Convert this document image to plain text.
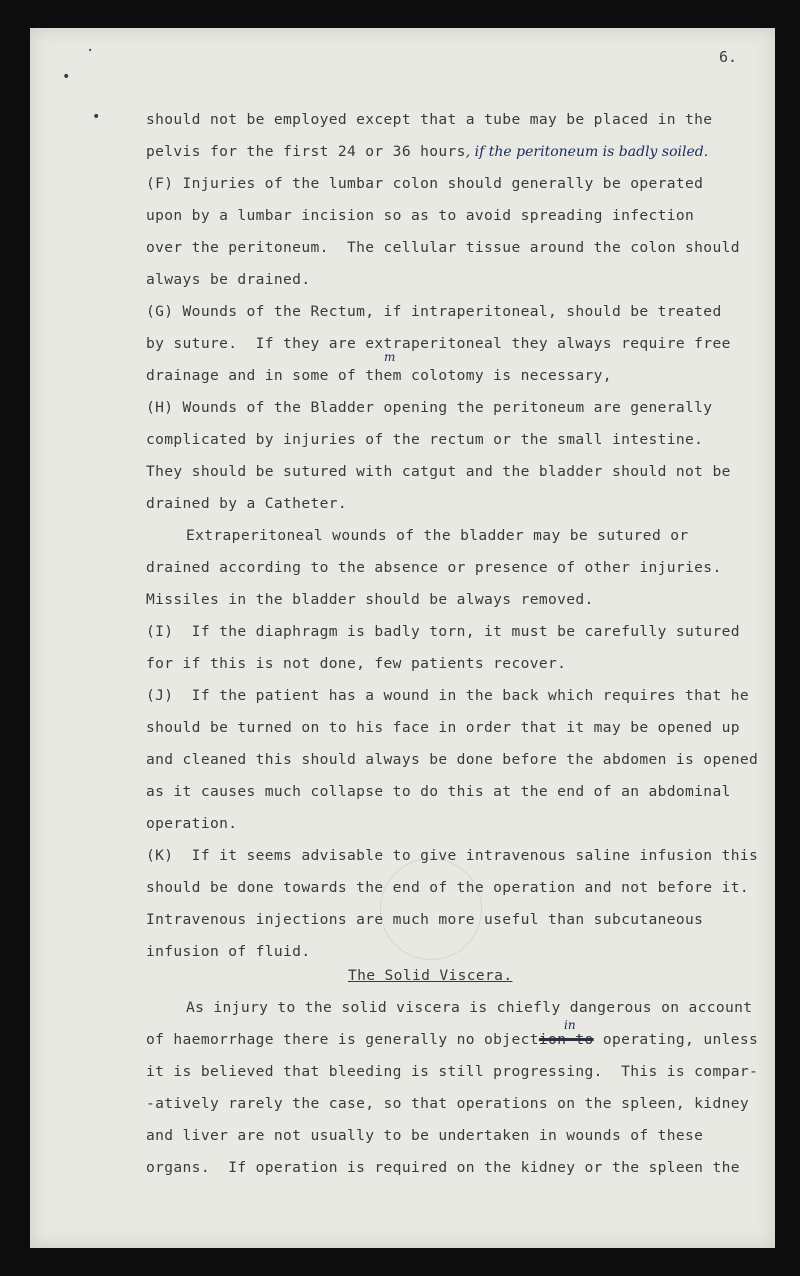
.
•
•
6.
should not be employed except that a tube may be placed in the
pelvis for the first 24 or 36 hours, if the peritoneum is badly soiled.
(F) Injuries of the lumbar colon should generally be operated
upon by a lumbar incision so as to avoid spreading infection
over the peritoneum.  The cellular tissue around the colon should
always be drained.
(G) Wounds of the Rectum, if intraperitoneal, should be treated
by suture.  If they are extraperitoneal they always require free
m
drainage and in some of them colotomy is necessary,
(H) Wounds of the Bladder opening the peritoneum are generally
complicated by injuries of the rectum or the small intestine.
They should be sutured with catgut and the bladder should not be
drained by a Catheter.
Extraperitoneal wounds of the bladder may be sutured or
drained according to the absence or presence of other injuries.
Missiles in the bladder should be always removed.
(I)  If the diaphragm is badly torn, it must be carefully sutured
for if this is not done, few patients recover.
(J)  If the patient has a wound in the back which requires that he
should be turned on to his face in order that it may be opened up
and cleaned this should always be done before the abdomen is opened
as it causes much collapse to do this at the end of an abdominal
operation.
(K)  If it seems advisable to give intravenous saline infusion this
should be done towards the end of the operation and not before it.
Intravenous injections are much more useful than subcutaneous
infusion of fluid.
The Solid Viscera.
As injury to the solid viscera is chiefly dangerous on account
in
of haemorrhage there is generally no objection to operating, unless
it is believed that bleeding is still progressing.  This is compar-
-atively rarely the case, so that operations on the spleen, kidney
and liver are not usually to be undertaken in wounds of these
organs.  If operation is required on the kidney or the spleen the
